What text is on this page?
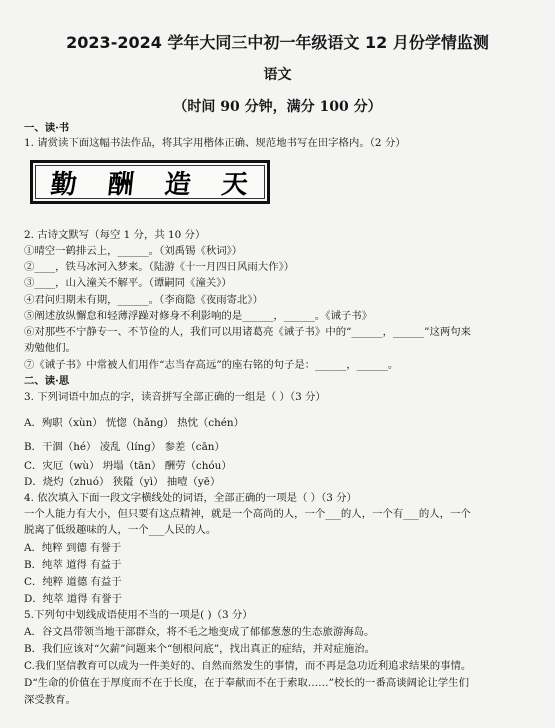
2023-2024 学年大同三中初一年级语文 12 月份学情监测
语文
（时间 90 分钟，满分 100 分）
一、读·书
1. 请赏读下面这幅书法作品，将其字用楷体正确、规范地书写在田字格内。（2 分）
勤 酬 造 天
2. 古诗文默写（每空 1 分，共 10 分）
①晴空一鹤排云上，______。（刘禹锡《秋词》）
②____，铁马冰河入梦来。（陆游《十一月四日风雨大作》）
③____，山入潼关不解平。（谭嗣同《潼关》）
④君问归期未有期，______。（李商隐《夜雨寄北》）
⑤阐述放纵懈怠和轻薄浮躁对修身不利影响的是______，______。《诫子书》
⑥对那些不宁静专一、不节俭的人，我们可以用诸葛亮《诫子书》中的“______，______”这两句来
劝勉他们。
⑦《诫子书》中常被人们用作“志当存高远”的座右铭的句子是：______，______。
二、读·思
3. 下列词语中加点的字，读音拼写全部正确的一组是（ ）（3 分）
A．殉职（xùn） 恍惚（hǎng） 热忱（chén）
B．干涸（hé） 凌乱（líng） 参差（cān）
C．灾厄（wù） 坍塌（tān） 酬劳（chóu）
D．烧灼（zhuó） 狭隘（yì） 抽噎（yē）
4. 依次填入下面一段文字横线处的词语，全部正确的一项是（ ）（3 分）
一个人能力有大小，但只要有这点精神，就是一个高尚的人，一个___的人，一个有___的人，一个
脱离了低级趣味的人，一个___人民的人。
A．纯粹 到德 有誉于
B．纯萃 道得 有益于
C．纯粹 道德 有益于
D．纯萃 道得 有誉于
5.下列句中划线成语使用不当的一项是( )（3 分）
A．谷文昌带领当地干部群众，将不毛之地变成了郁郁葱葱的生态旅游海岛。
B．我们应该对“欠薪”问题来个“刨根问底”，找出真正的症结，并对症施治。
C.我们坚信教育可以成为一件美好的、自然而然发生的事情，而不再是急功近利追求结果的事情。
D“生命的价值在于厚度而不在于长度，在于奉献而不在于索取……”校长的一番高谈阔论让学生们
深受教育。
